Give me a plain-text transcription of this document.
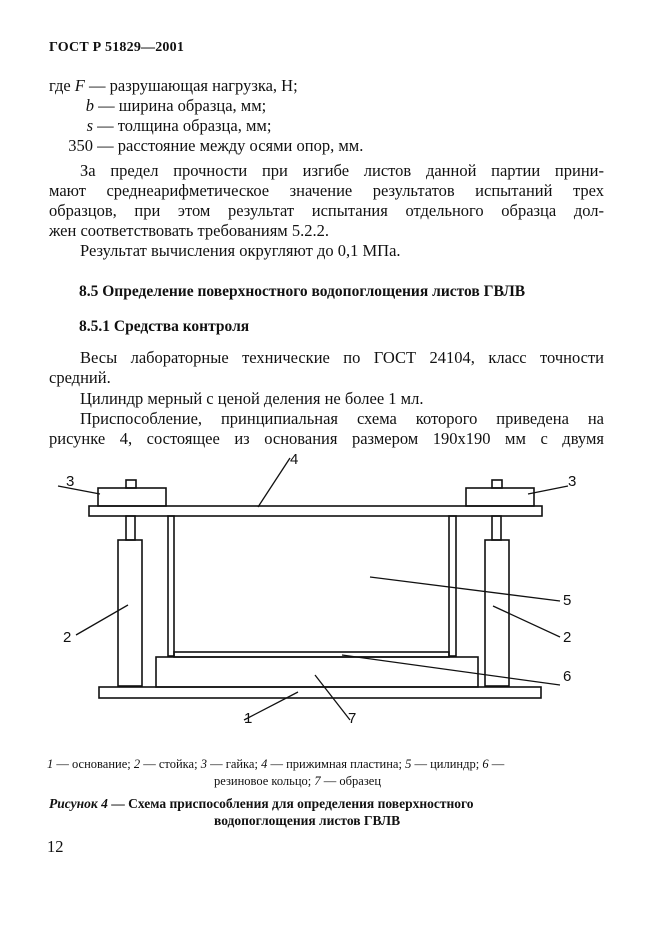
ГОСТ Р 51829—2001
где F — разрушающая нагрузка, Н;
b — ширина образца, мм;
s — толщина образца, мм;
350 — расстояние между осями опор, мм.
За предел прочности при изгибе листов данной партии прини-
мают среднеарифметическое значение результатов испытаний трех
образцов, при этом результат испытания отдельного образца дол-
жен соответствовать требованиям 5.2.2.
Результат вычисления округляют до 0,1 МПа.
8.5 Определение поверхностного водопоглощения листов ГВЛВ
8.5.1 Средства контроля
Весы лабораторные технические по ГОСТ 24104, класс точности
средний.
Цилиндр мерный с ценой деления не более 1 мл.
Приспособление, принципиальная схема которого приведена на
рисунке 4, состоящее из основания размером 190x190 мм с двумя
3	3
4
5
2	2
6
1	7
1 — основание; 2 — стойка; 3 — гайка; 4 — прижимная пластина; 5 — цилиндр; 6 —
резиновое кольцо; 7 — образец
Рисунок 4 — Схема приспособления для определения поверхностного
водопоглощения листов ГВЛВ
12
